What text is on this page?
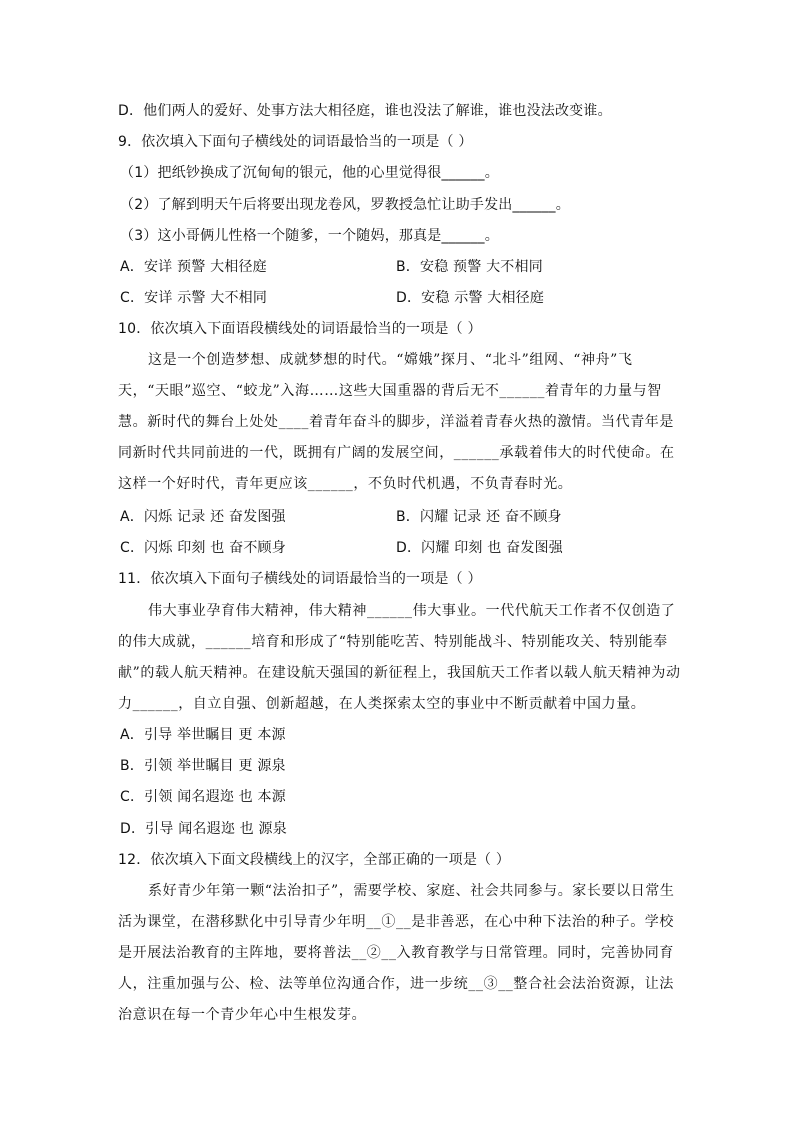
D．他们两人的爱好、处事方法大相径庭，谁也没法了解谁，谁也没法改变谁。
9．依次填入下面句子横线处的词语最恰当的一项是（ ）
（1）把纸钞换成了沉甸甸的银元，他的心里觉得很______。
（2）了解到明天午后将要出现龙卷风，罗教授急忙让助手发出______。
（3）这小哥俩儿性格一个随爹，一个随妈，那真是______。
A．安详 预警 大相径庭	B．安稳 预警 大不相同
C．安详 示警 大不相同	D．安稳 示警 大相径庭
10．依次填入下面语段横线处的词语最恰当的一项是（ ）
这是一个创造梦想、成就梦想的时代。“嫦娥”探月、“北斗”组网、“神舟”飞天，“天眼”巡空、“蛟龙”入海……这些大国重器的背后无不______着青年的力量与智慧。新时代的舞台上处处____着青年奋斗的脚步，洋溢着青春火热的激情。当代青年是同新时代共同前进的一代，既拥有广阔的发展空间，______承载着伟大的时代使命。在这样一个好时代，青年更应该______，不负时代机遇，不负青春时光。
A．闪烁 记录 还 奋发图强	B．闪耀 记录 还 奋不顾身
C．闪烁 印刻 也 奋不顾身	D．闪耀 印刻 也 奋发图强
11．依次填入下面句子横线处的词语最恰当的一项是（ ）
伟大事业孕育伟大精神，伟大精神______伟大事业。一代代航天工作者不仅创造了的伟大成就，______培育和形成了“特别能吃苦、特别能战斗、特别能攻关、特别能奉献”的载人航天精神。在建设航天强国的新征程上，我国航天工作者以载人航天精神为动力______，自立自强、创新超越，在人类探索太空的事业中不断贡献着中国力量。
A．引导 举世瞩目 更 本源
B．引领 举世瞩目 更 源泉
C．引领 闻名遐迩 也 本源
D．引导 闻名遐迩 也 源泉
12．依次填入下面文段横线上的汉字，全部正确的一项是（ ）
系好青少年第一颗“法治扣子”，需要学校、家庭、社会共同参与。家长要以日常生活为课堂，在潜移默化中引导青少年明__①__是非善恶，在心中种下法治的种子。学校是开展法治教育的主阵地，要将普法__②__入教育教学与日常管理。同时，完善协同育人，注重加强与公、检、法等单位沟通合作，进一步统__③__整合社会法治资源，让法治意识在每一个青少年心中生根发芽。
